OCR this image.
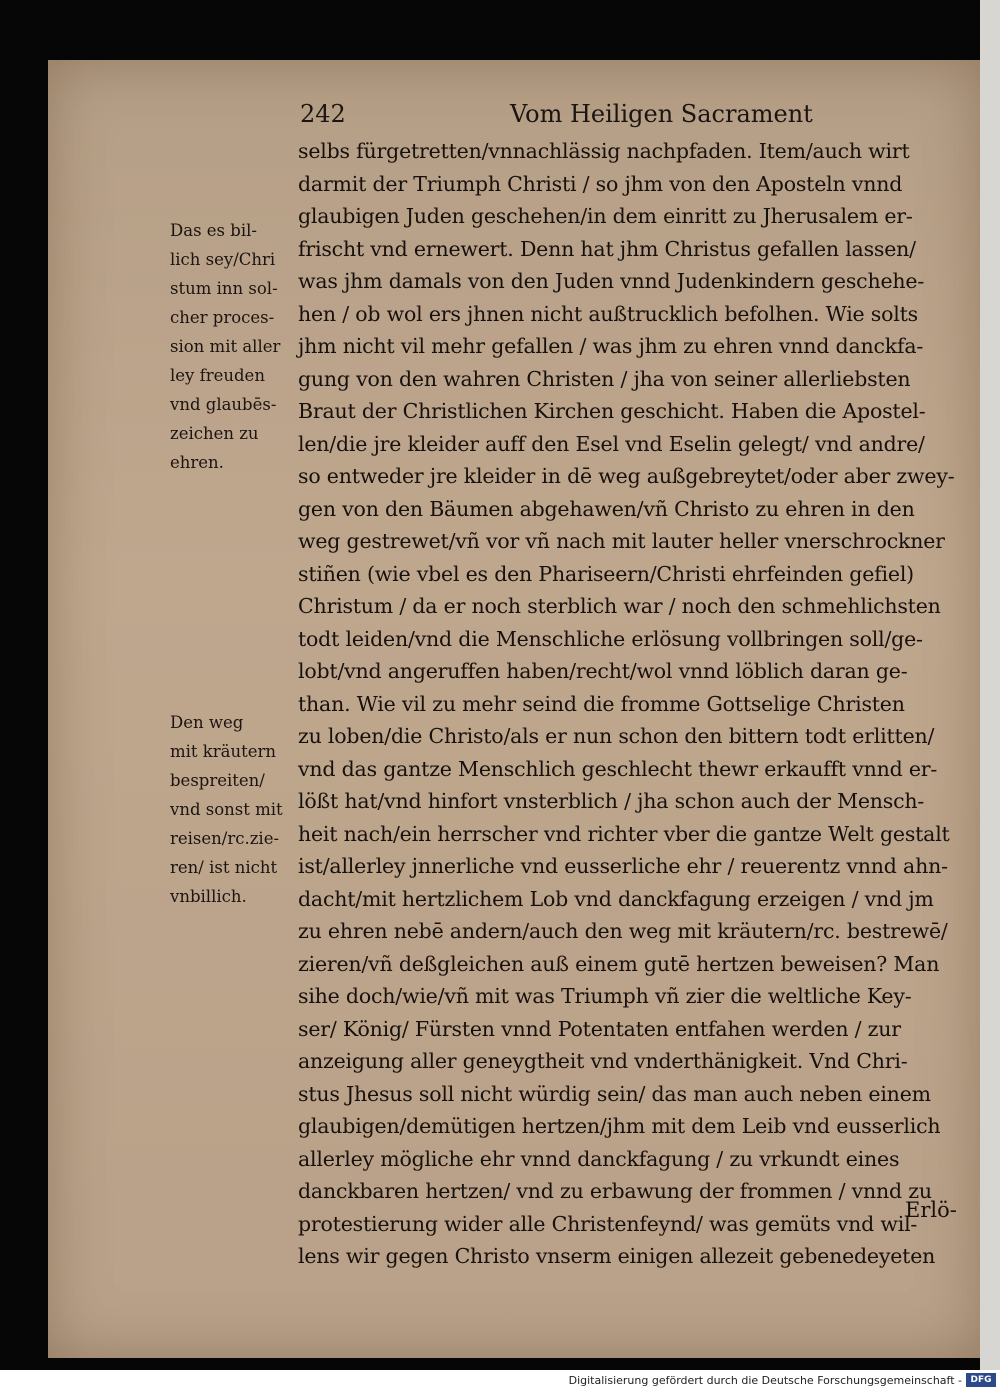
242	Vom Heiligen Sacrament
Das es bil-
lich sey/Chri
stum inn sol-
cher proces-
sion mit aller
ley freuden
vnd glaubēs-
zeichen zu
ehren.
Den weg
mit kräutern
bespreiten/
vnd sonst mit
reisen/rc.zie-
ren/ ist nicht
vnbillich.
selbs fürgetretten/vnnachlässig nachpfaden. Item/auch wirt
darmit der Triumph Christi / so jhm von den Aposteln vnnd
glaubigen Juden geschehen/in dem einritt zu Jherusalem er-
frischt vnd ernewert. Denn hat jhm Christus gefallen lassen/
was jhm damals von den Juden vnnd Judenkindern geschehe-
hen / ob wol ers jhnen nicht außtrucklich befolhen. Wie solts
jhm nicht vil mehr gefallen / was jhm zu ehren vnnd danckfa-
gung von den wahren Christen / jha von seiner allerliebsten
Braut der Christlichen Kirchen geschicht. Haben die Apostel-
len/die jre kleider auff den Esel vnd Eselin gelegt/ vnd andre/
so entweder jre kleider in dē weg außgebreytet/oder aber zwey-
gen von den Bäumen abgehawen/vñ Christo zu ehren in den
weg gestrewet/vñ vor vñ nach mit lauter heller vnerschrockner
stiñen (wie vbel es den Phariseern/Christi ehrfeinden gefiel)
Christum / da er noch sterblich war / noch den schmehlichsten
todt leiden/vnd die Menschliche erlösung vollbringen soll/ge-
lobt/vnd angeruffen haben/recht/wol vnnd löblich daran ge-
than. Wie vil zu mehr seind die fromme Gottselige Christen
zu loben/die Christo/als er nun schon den bittern todt erlitten/
vnd das gantze Menschlich geschlecht thewr erkaufft vnnd er-
lößt hat/vnd hinfort vnsterblich / jha schon auch der Mensch-
heit nach/ein herrscher vnd richter vber die gantze Welt gestalt
ist/allerley jnnerliche vnd eusserliche ehr / reuerentz vnnd ahn-
dacht/mit hertzlichem Lob vnd danckfagung erzeigen / vnd jm
zu ehren nebē andern/auch den weg mit kräutern/rc. bestrewē/
zieren/vñ deßgleichen auß einem gutē hertzen beweisen? Man
sihe doch/wie/vñ mit was Triumph vñ zier die weltliche Key-
ser/ König/ Fürsten vnnd Potentaten entfahen werden / zur
anzeigung aller geneygtheit vnd vnderthänigkeit. Vnd Chri-
stus Jhesus soll nicht würdig sein/ das man auch neben einem
glaubigen/demütigen hertzen/jhm mit dem Leib vnd eusserlich
allerley mögliche ehr vnnd danckfagung / zu vrkundt eines
danckbaren hertzen/ vnd zu erbawung der frommen / vnnd zu
protestierung wider alle Christenfeynd/ was gemüts vnd wil-
lens wir gegen Christo vnserm einigen allezeit gebenedeyeten
Erlö-
Digitalisierung gefördert durch die Deutsche Forschungsgemeinschaft - DFG
